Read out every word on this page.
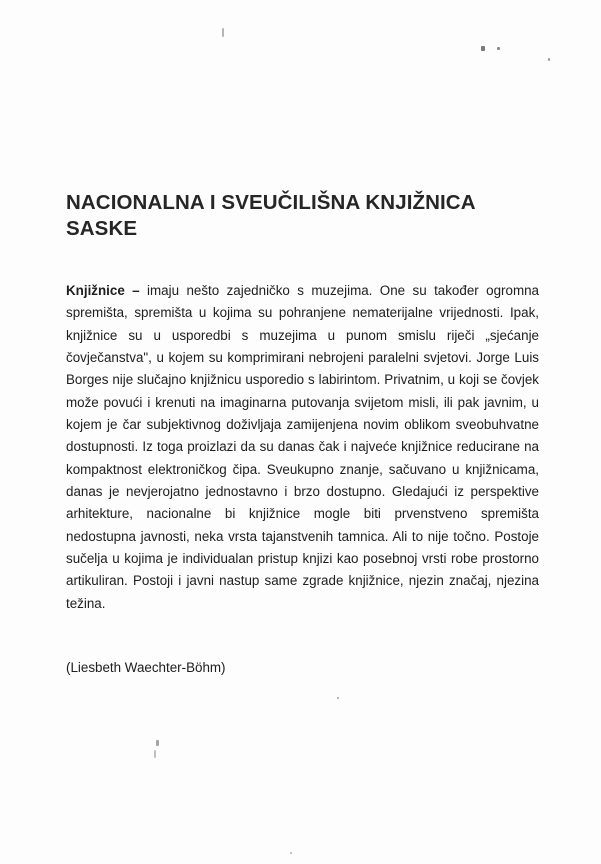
NACIONALNA I SVEUČILIŠNA KNJIŽNICA SASKE

Knjižnice – imaju nešto zajedničko s muzejima. One su također ogromna spremišta, spremišta u kojima su pohranjene nematerijalne vrijednosti. Ipak, knjižnice su u usporedbi s muzejima u punom smislu riječi „sjećanje čovječanstva", u kojem su komprimirani nebrojeni paralelni svjetovi. Jorge Luis Borges nije slučajno knjižnicu usporedio s labirintom. Privatnim, u koji se čovjek može povući i krenuti na imaginarna putovanja svijetom misli, ili pak javnim, u kojem je čar subjektivnog doživljaja zamijenjena novim oblikom sveobuhvatne dostupnosti. Iz toga proizlazi da su danas čak i najveće knjižnice reducirane na kompaktnost elektroničkog čipa. Sveukupno znanje, sačuvano u knjižnicama, danas je nevjerojatno jednostavno i brzo dostupno. Gledajući iz perspektive arhitekture, nacionalne bi knjižnice mogle biti prvenstveno spremišta nedostupna javnosti, neka vrsta tajanstvenih tamnica. Ali to nije točno. Postoje sučelja u kojima je individualan pristup knjizi kao posebnoj vrsti robe prostorno artikuliran. Postoji i javni nastup same zgrade knjižnice, njezin značaj, njezina težina.

(Liesbeth Waechter-Böhm)
